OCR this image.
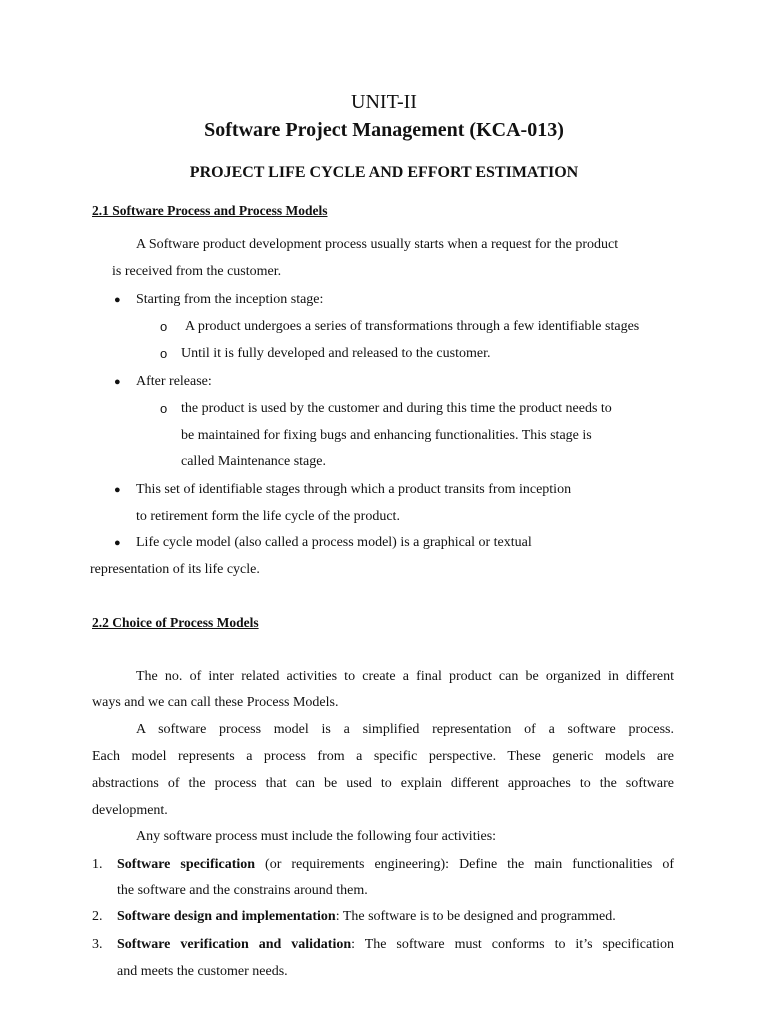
UNIT-II
Software Project Management (KCA-013)
PROJECT LIFE CYCLE AND EFFORT ESTIMATION
2.1 Software Process and Process Models
A Software product development process usually starts when a request for the product
is received from the customer.
● Starting from the inception stage:
o A product undergoes a series of transformations through a few identifiable stages
o Until it is fully developed and released to the customer.
● After release:
o the product is used by the customer and during this time the product needs to
be maintained for fixing bugs and enhancing functionalities. This stage is
called Maintenance stage.
● This set of identifiable stages through which a product transits from inception
to retirement form the life cycle of the product.
● Life cycle model (also called a process model) is a graphical or textual
representation of its life cycle.
2.2 Choice of Process Models
The no. of inter related activities to create a final product can be organized in different
ways and we can call these Process Models.
A software process model is a simplified representation of a software process.
Each model represents a process from a specific perspective. These generic models are
abstractions of the process that can be used to explain different approaches to the software
development.
Any software process must include the following four activities:
1. Software specification (or requirements engineering): Define the main functionalities of
the software and the constrains around them.
2. Software design and implementation: The software is to be designed and programmed.
3. Software verification and validation: The software must conforms to it’s specification
and meets the customer needs.
